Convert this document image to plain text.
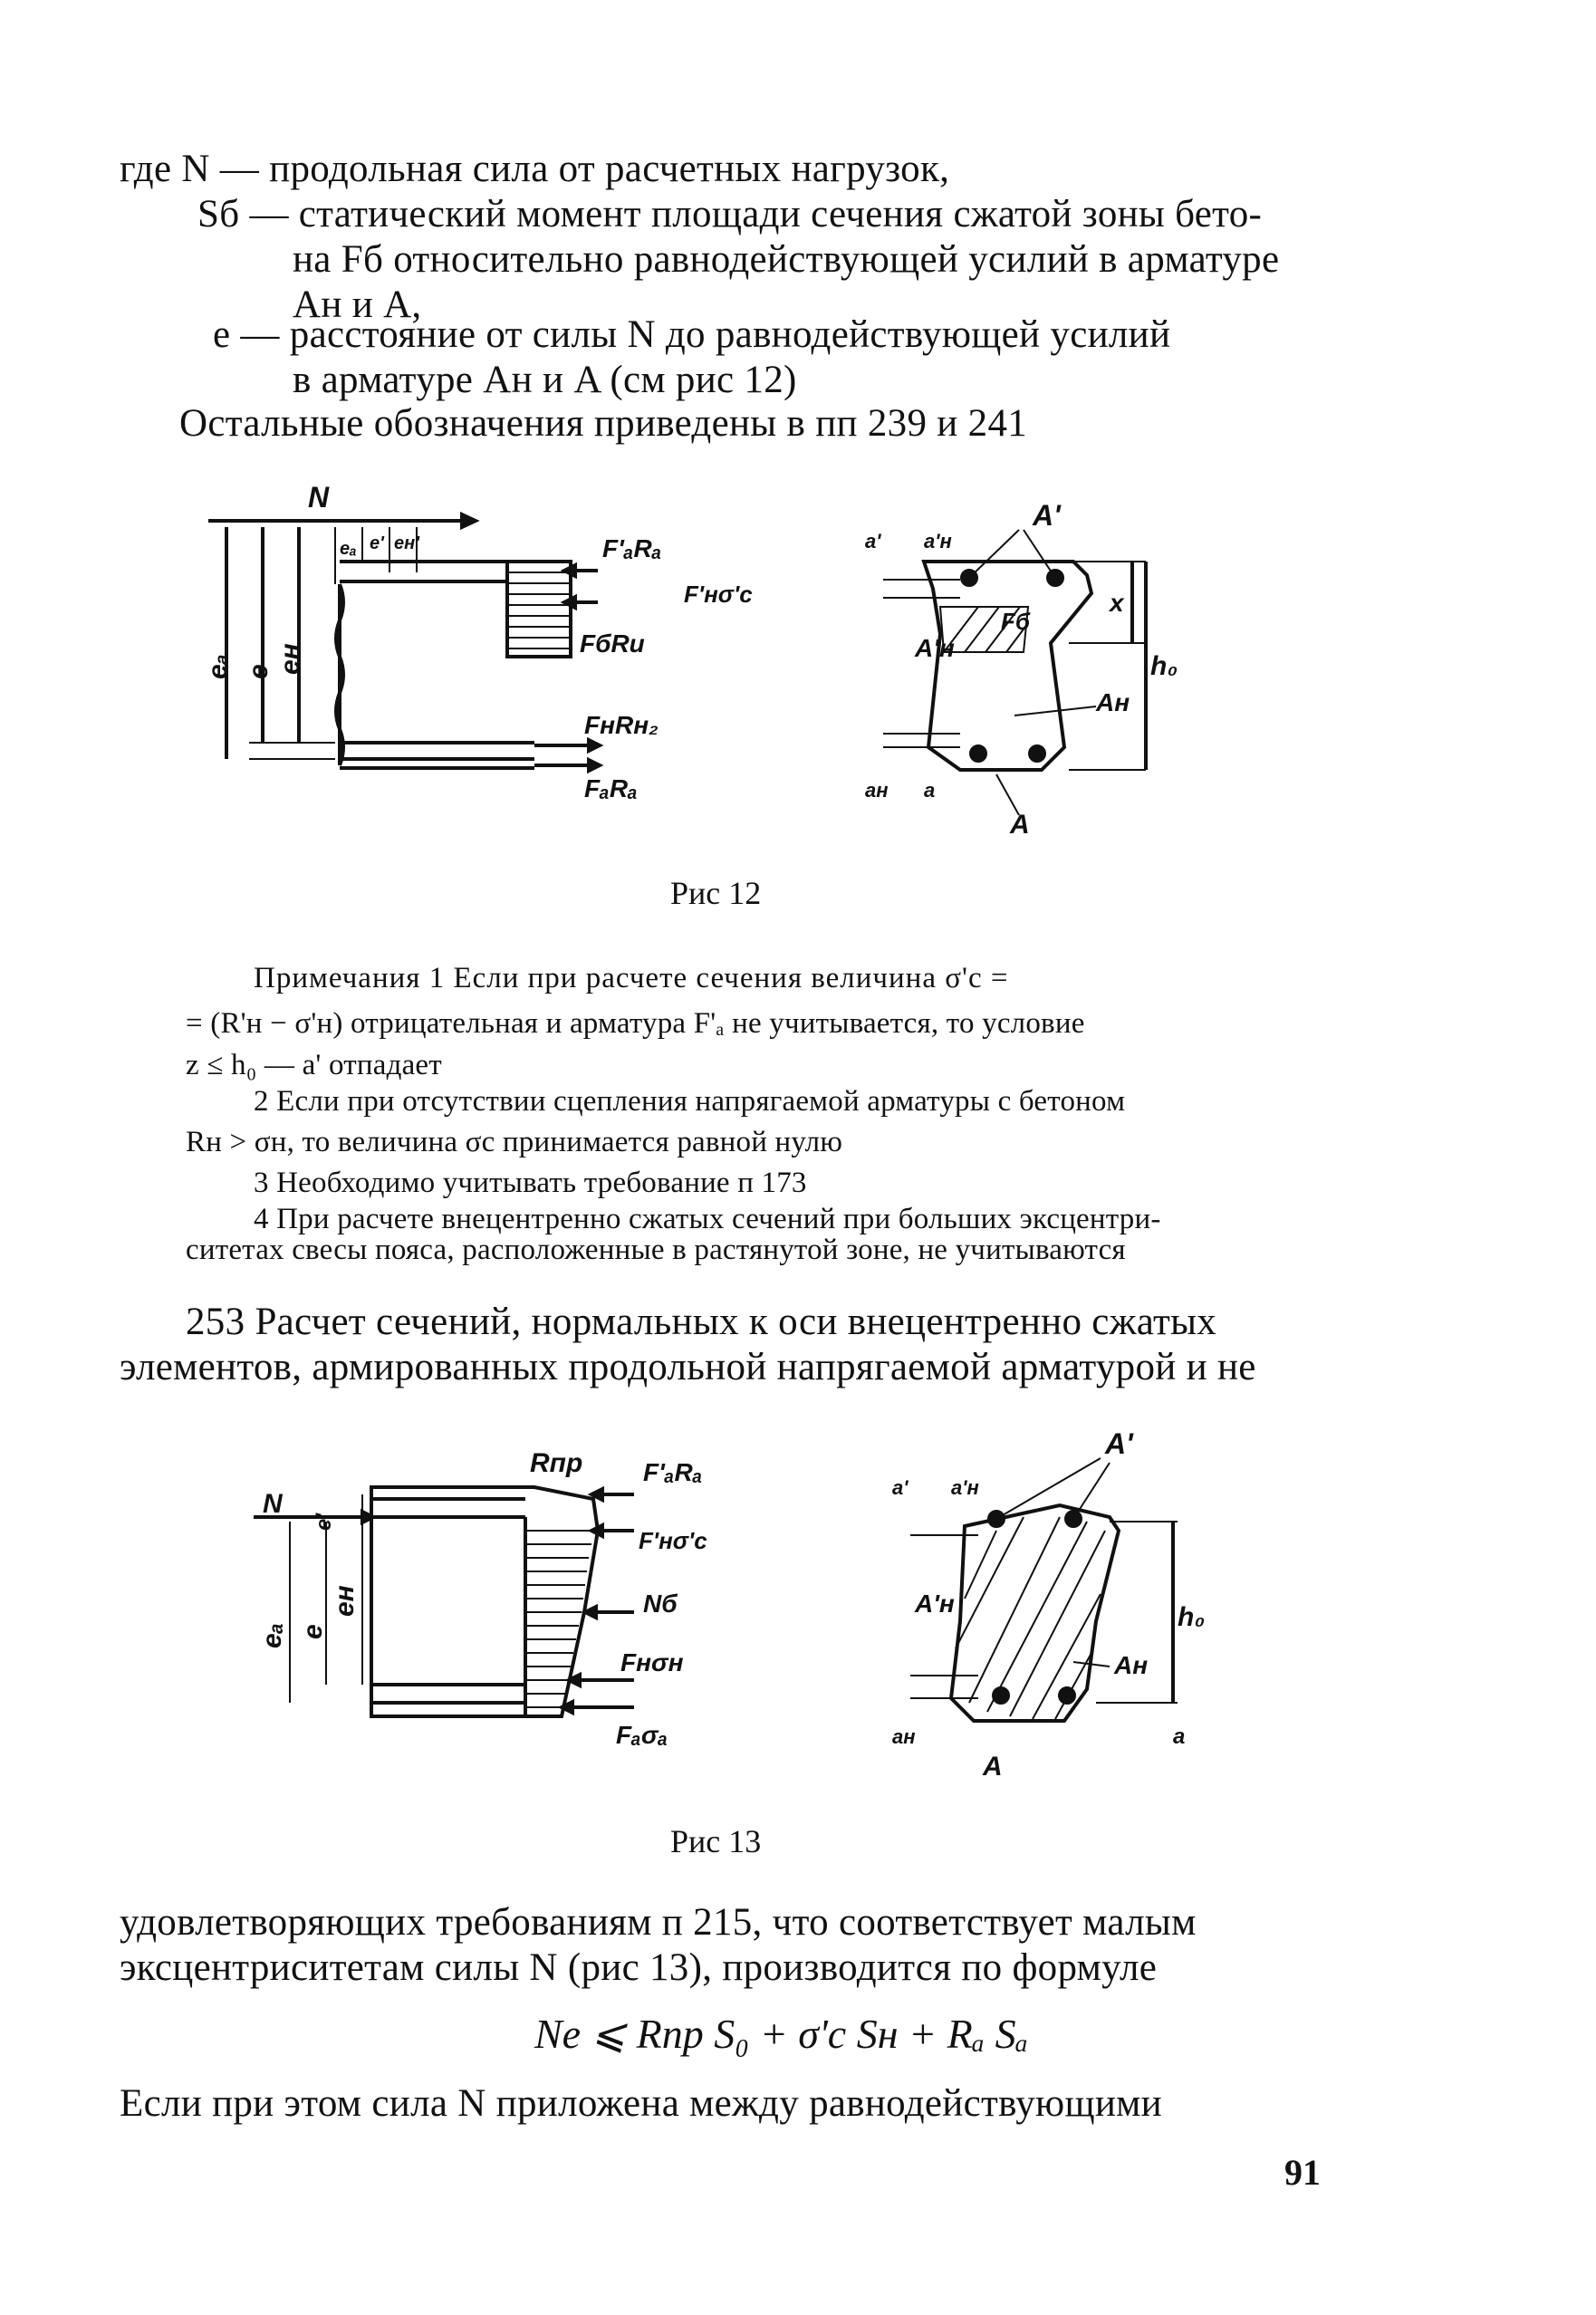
где N — продольная сила от расчетных нагрузок,
Sб — статический момент площади сечения сжатой зоны бето-
на Fб относительно равнодействующей усилий в арматуре
Aн и A,
e — расстояние от силы N до равнодействующей усилий
в арматуре Aн и A (см рис 12)
Остальные обозначения приведены в пп 239 и 241
N
eₐ e eн
eₐ e' eн'	F'ₐRₐ
F'нσ'c
FбRи
FнRн₂
FₐRₐ
A'
A'н
Fб
x
h₀
Aн
A
a' a'н
aн a
Рис 12
Примечания 1 Если при расчете сечения величина σ'c =
= (R'н − σ'н) отрицательная и арматура F'ₐ не учитывается, то условие
z ≤ h₀ — a' отпадает
2 Если при отсутствии сцепления напрягаемой арматуры с бетоном
Rн > σн, то величина σc принимается равной нулю
3 Необходимо учитывать требование п 173
4 При расчете внецентренно сжатых сечений при больших эксцентри-
ситетах свесы пояса, расположенные в растянутой зоне, не учитываются
253 Расчет сечений, нормальных к оси внецентренно сжатых
элементов, армированных продольной напрягаемой арматурой и не
Rпр
N
eₐ e
eн
e'
F'ₐRₐ
F'нσ'c
Nб
Fнσн
Fₐσₐ
A'
A'н	h₀
Aн
A
a
a' a'н
aн
Рис 13
удовлетворяющих требованиям п 215, что соответствует малым
эксцентриситетам силы N (рис 13), производится по формуле
Ne ⩽ Rпр S₀ + σ'c Sн + Rₐ Sₐ
Если при этом сила N приложена между равнодействующими
91
